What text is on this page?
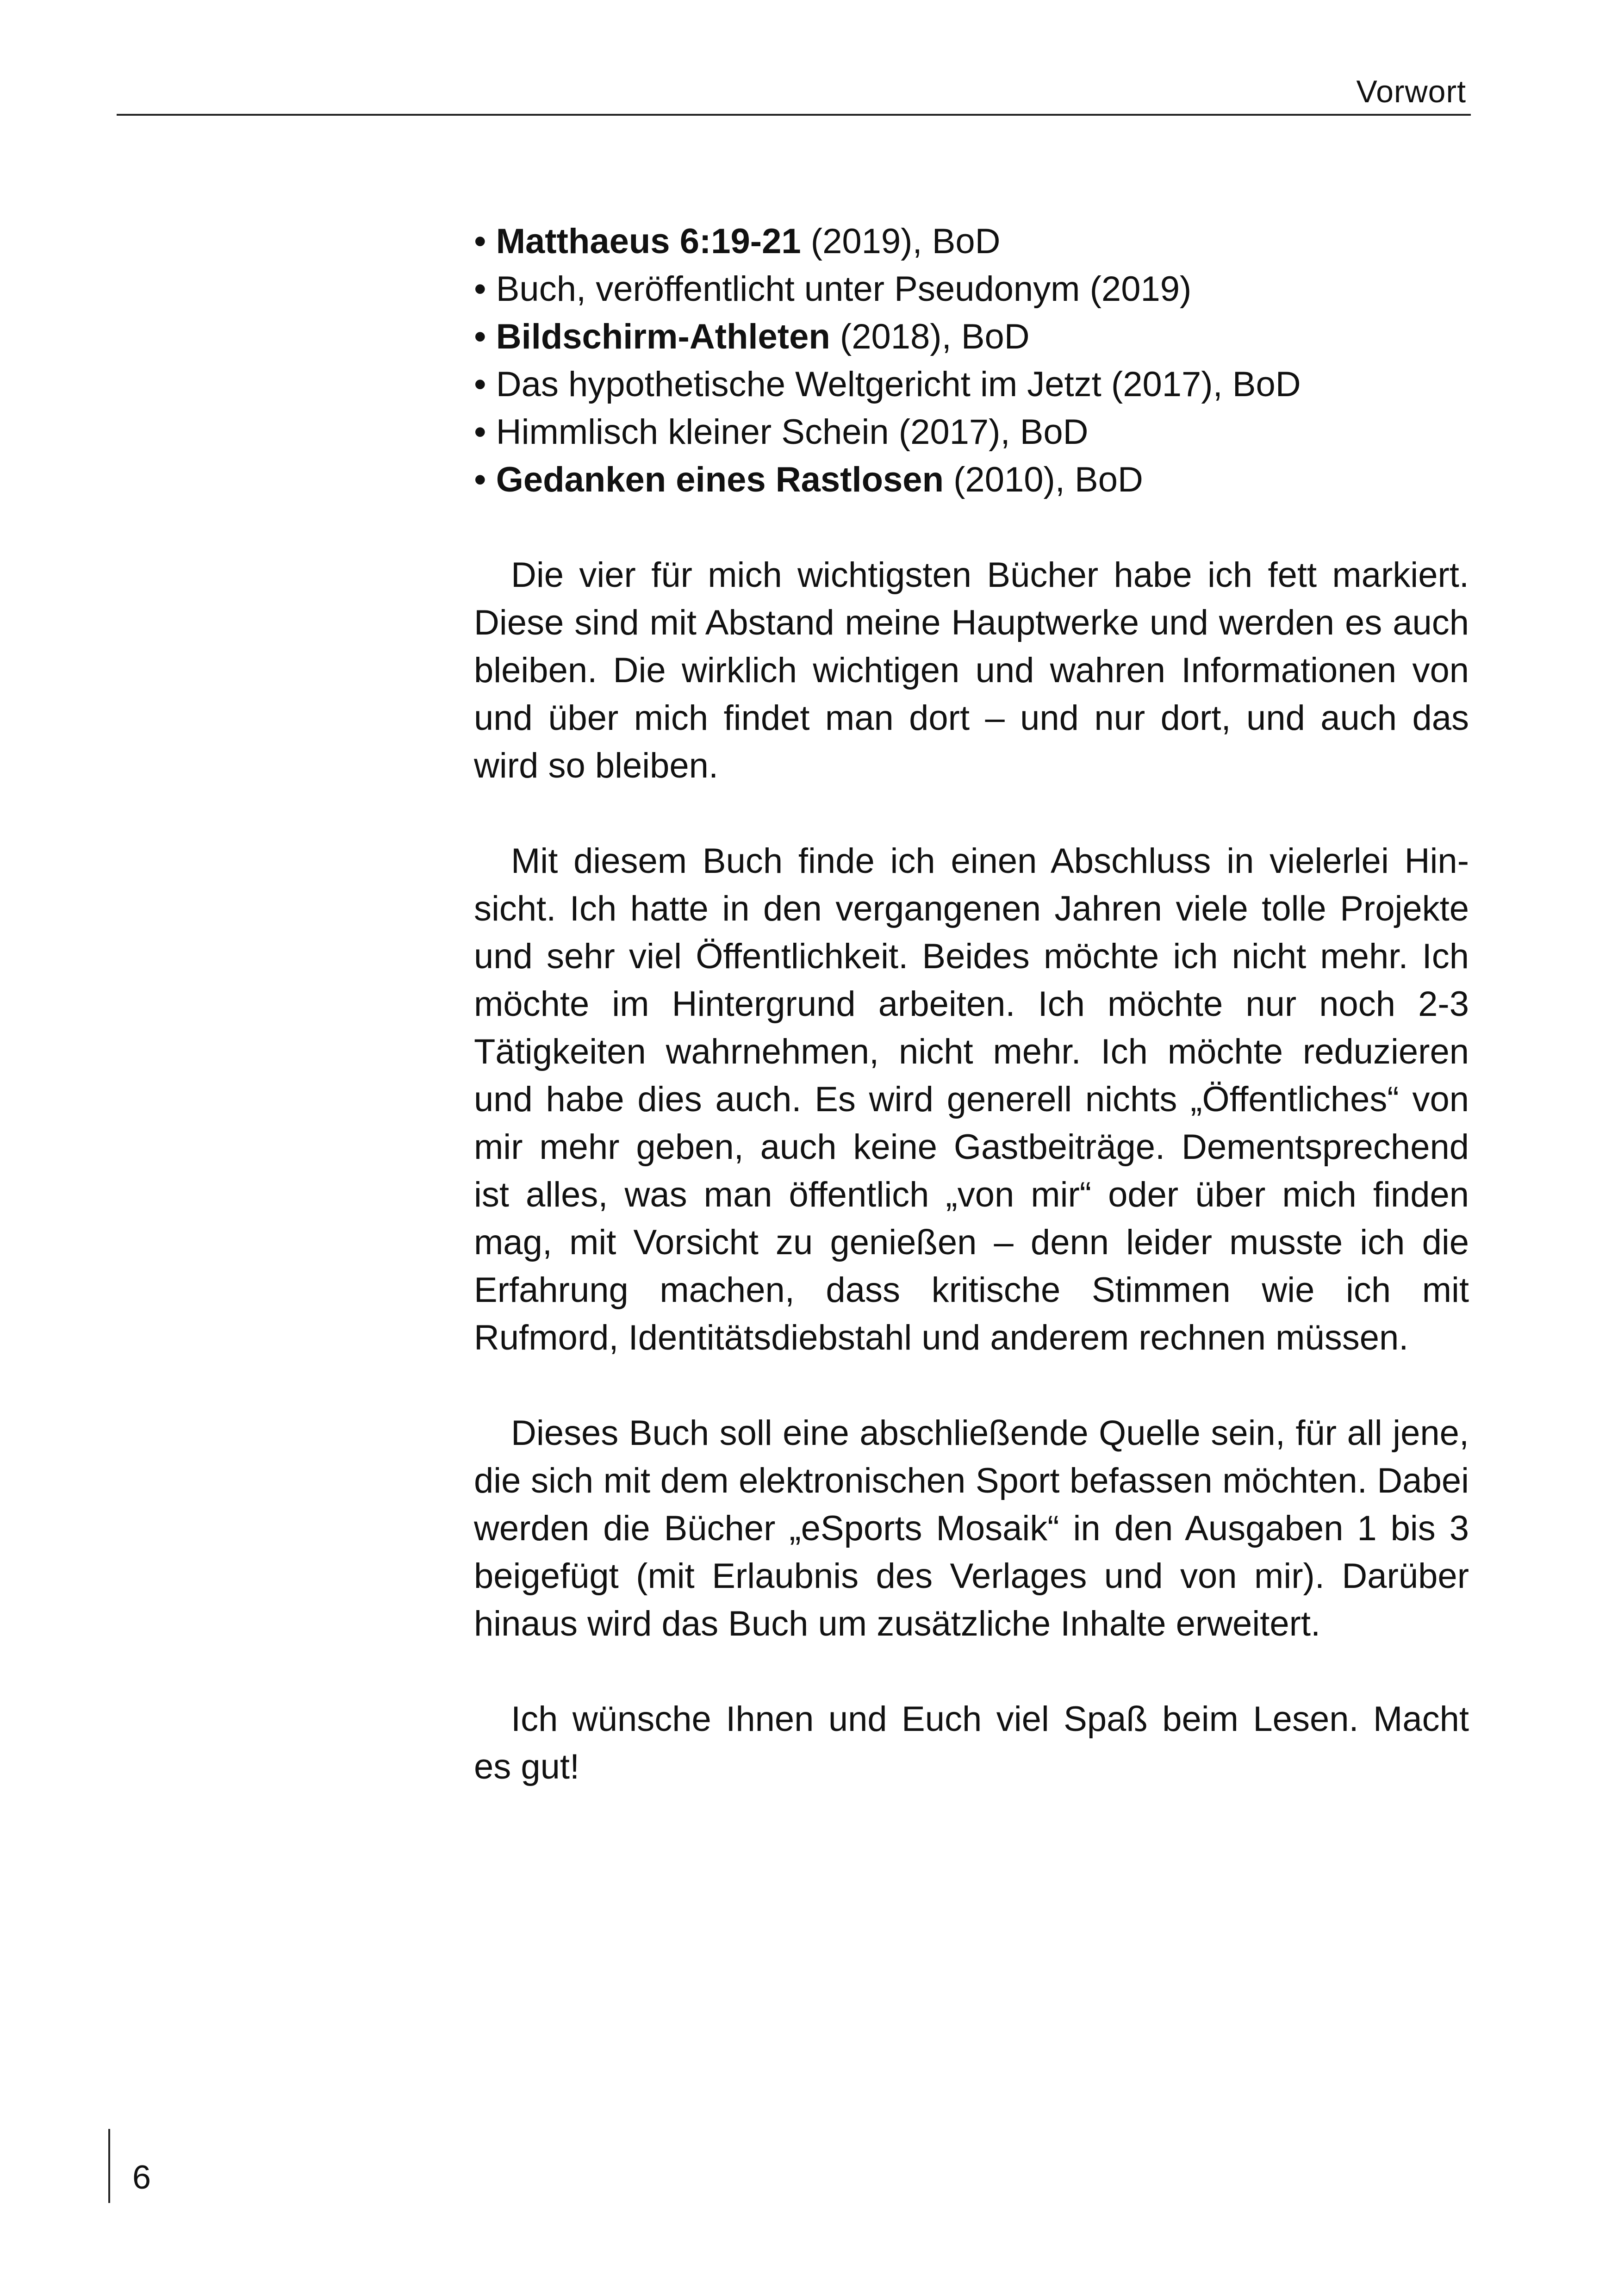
Vorwort
• Matthaeus 6:19-21 (2019), BoD
• Buch, veröffentlicht unter Pseudonym (2019)
• Bildschirm-Athleten (2018), BoD
• Das hypothetische Weltgericht im Jetzt (2017), BoD
• Himmlisch kleiner Schein (2017), BoD
• Gedanken eines Rastlosen (2010), BoD

Die vier für mich wichtigsten Bücher habe ich fett markiert. Diese sind mit Abstand meine Hauptwerke und werden es auch bleiben. Die wirklich wichtigen und wahren Informationen von und über mich findet man dort – und nur dort, und auch das wird so bleiben.

Mit diesem Buch finde ich einen Abschluss in vielerlei Hinsicht. Ich hatte in den vergangenen Jahren viele tolle Projekte und sehr viel Öffentlichkeit. Beides möchte ich nicht mehr. Ich möchte im Hintergrund arbeiten. Ich möchte nur noch 2-3 Tätigkeiten wahrnehmen, nicht mehr. Ich möchte reduzieren und habe dies auch. Es wird generell nichts „Öffentliches“ von mir mehr geben, auch keine Gastbeiträge. Dementsprechend ist alles, was man öffentlich „von mir“ oder über mich finden mag, mit Vorsicht zu genießen – denn leider musste ich die Erfahrung machen, dass kritische Stimmen wie ich mit Rufmord, Identitätsdiebstahl und anderem rechnen müssen.

Dieses Buch soll eine abschließende Quelle sein, für all jene, die sich mit dem elektronischen Sport befassen möchten. Dabei werden die Bücher „eSports Mosaik“ in den Ausgaben 1 bis 3 beigefügt (mit Erlaubnis des Verlages und von mir). Darüber hinaus wird das Buch um zusätzliche Inhalte erweitert.

Ich wünsche Ihnen und Euch viel Spaß beim Lesen. Macht es gut!

6
